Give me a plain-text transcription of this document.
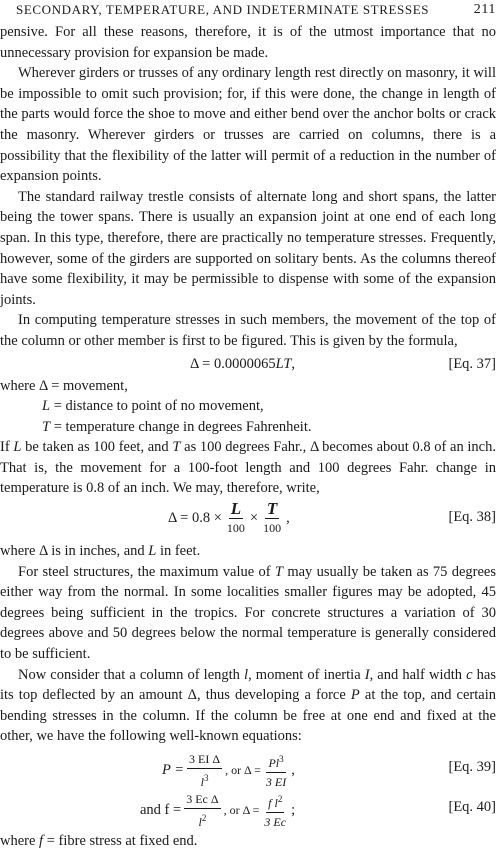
SECONDARY, TEMPERATURE, AND INDETERMINATE STRESSES	211

pensive. For all these reasons, therefore, it is of the utmost importance that no unnecessary provision for expansion be made.

Wherever girders or trusses of any ordinary length rest directly on masonry, it will be impossible to omit such provision; for, if this were done, the change in length of the parts would force the shoe to move and either bend over the anchor bolts or crack the masonry. Wherever girders or trusses are carried on columns, there is a possibility that the flexibility of the latter will permit of a reduction in the number of expansion points.

The standard railway trestle consists of alternate long and short spans, the latter being the tower spans. There is usually an expansion joint at one end of each long span. In this type, therefore, there are practically no temperature stresses. Frequently, however, some of the girders are supported on solitary bents. As the columns thereof have some flexibility, it may be permissible to dispense with some of the expansion joints.

In computing temperature stresses in such members, the movement of the top of the column or other member is first to be figured. This is given by the formula,

Δ = 0.0000065LT,	[Eq. 37]
where Δ = movement,
L = distance to point of no movement,
T = temperature change in degrees Fahrenheit.

If L be taken as 100 feet, and T as 100 degrees Fahr., Δ becomes about 0.8 of an inch. That is, the movement for a 100-foot length and 100 degrees Fahr. change in temperature is 0.8 of an inch. We may, therefore, write,

$\Delta = 0.8 \times \frac{L}{100} \times \frac{T}{100}$ ,	[Eq. 38]

where Δ is in inches, and L in feet.

For steel structures, the maximum value of T may usually be taken as 75 degrees either way from the normal. In some localities smaller figures may be adopted, 45 degrees being sufficient in the tropics. For concrete structures a variation of 30 degrees above and 50 degrees below the normal temperature is generally considered to be sufficient.

Now consider that a column of length l, moment of inertia I, and half width c has its top deflected by an amount Δ, thus developing a force P at the top, and certain bending stresses in the column. If the column be free at one end and fixed at the other, we have the following well-known equations:

$P = \frac{\text{3 EI Δ}}{l^3}$ , or $\Delta = \frac{Pl^3}{3 EI}$ ,	[Eq. 39]
and $f = \frac{\text{3 Ec Δ}}{l^2}$ , or $\Delta = \frac{f l^2}{3 Ec}$ ;	[Eq. 40]

where f = fibre stress at fixed end.
